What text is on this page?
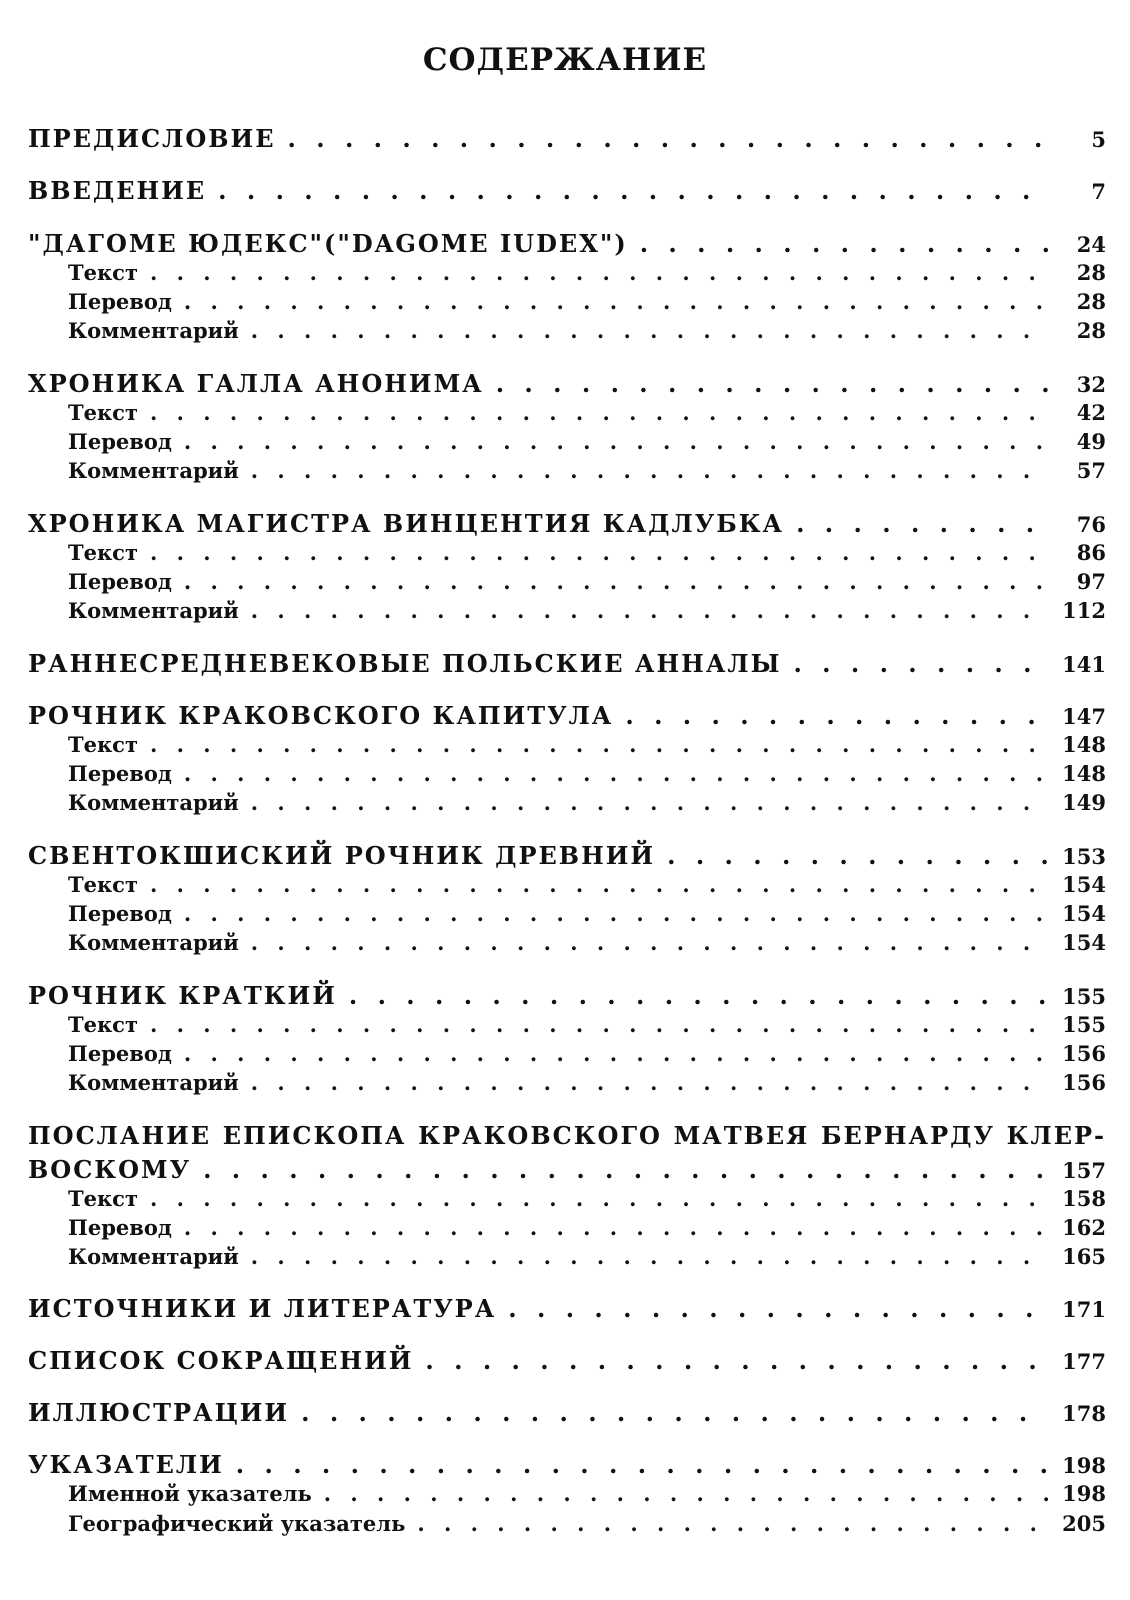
СОДЕРЖАНИЕ
ПРЕДИСЛОВИЕ . . .	5
ВВЕДЕНИЕ . . .	7
"ДАГОМЕ ЮДЕКС"("DAGOME IUDEX") . . .	24
Текст . . .	28
Перевод . . .	28
Комментарий . . .	28
ХРОНИКА ГАЛЛА АНОНИМА . . .	32
Текст . . .	42
Перевод . . .	49
Комментарий . . .	57
ХРОНИКА МАГИСТРА ВИНЦЕНТИЯ КАДЛУБКА . . .	76
Текст . . .	86
Перевод . . .	97
Комментарий . . .	112
РАННЕСРЕДНЕВЕКОВЫЕ ПОЛЬСКИЕ АННАЛЫ . . .	141
РОЧНИК КРАКОВСКОГО КАПИТУЛА . . .	147
Текст . . .	148
Перевод . . .	148
Комментарий . . .	149
СВЕНТОКШИСКИЙ РОЧНИК ДРЕВНИЙ . . .	153
Текст . . .	154
Перевод . . .	154
Комментарий . . .	154
РОЧНИК КРАТКИЙ . . .	155
Текст . . .	155
Перевод . . .	156
Комментарий . . .	156
ПОСЛАНИЕ ЕПИСКОПА КРАКОВСКОГО МАТВЕЯ БЕРНАРДУ КЛЕР-
ВОСКОМУ . . .	157
Текст . . .	158
Перевод . . .	162
Комментарий . . .	165
ИСТОЧНИКИ И ЛИТЕРАТУРА . . .	171
СПИСОК СОКРАЩЕНИЙ . . .	177
ИЛЛЮСТРАЦИИ . . .	178
УКАЗАТЕЛИ . . .	198
Именной указатель . . .	198
Географический указатель . . .	205
